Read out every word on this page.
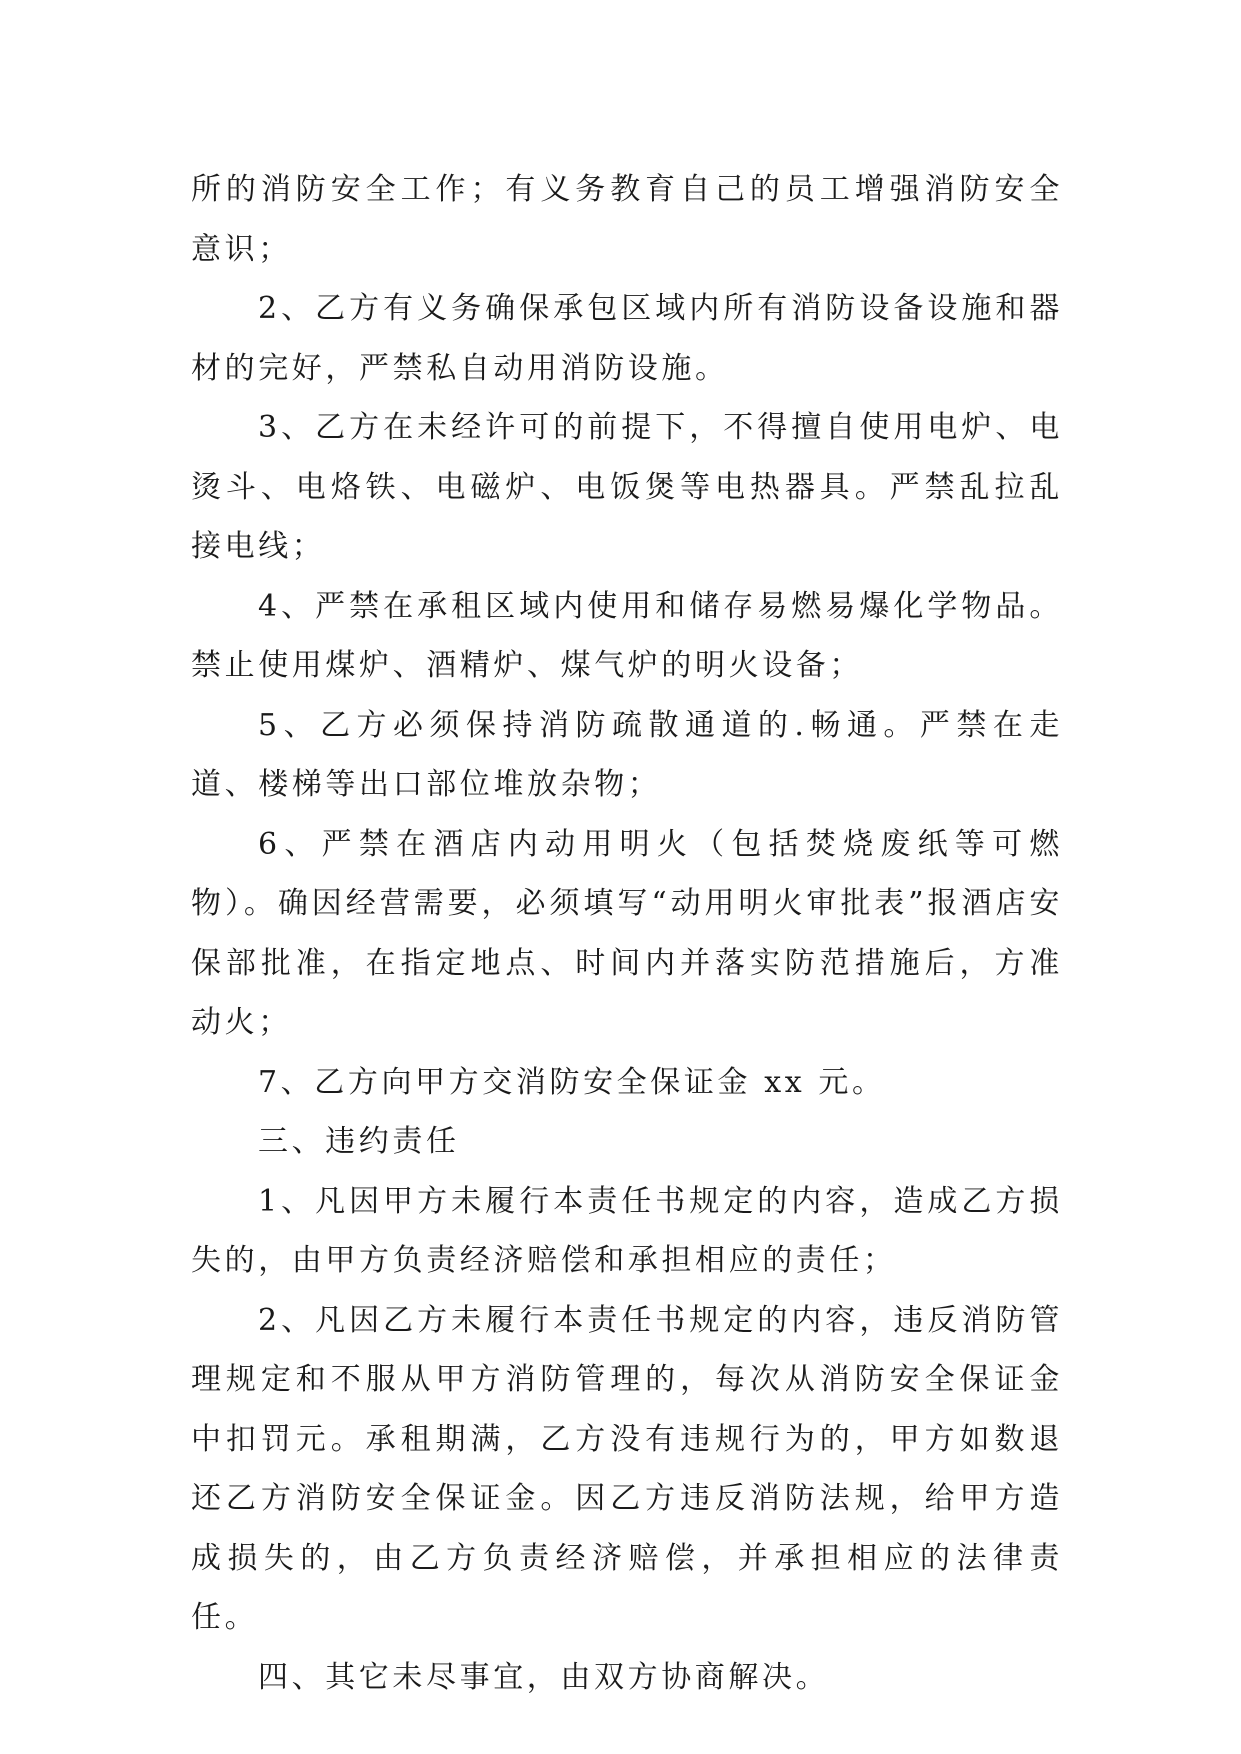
所的消防安全工作；有义务教育自己的员工增强消防安全意识；

2、乙方有义务确保承包区域内所有消防设备设施和器材的完好，严禁私自动用消防设施。

3、乙方在未经许可的前提下，不得擅自使用电炉、电烫斗、电烙铁、电磁炉、电饭煲等电热器具。严禁乱拉乱接电线；

4、严禁在承租区域内使用和储存易燃易爆化学物品。禁止使用煤炉、酒精炉、煤气炉的明火设备；

5、乙方必须保持消防疏散通道的.畅通。严禁在走道、楼梯等出口部位堆放杂物；

6、严禁在酒店内动用明火（包括焚烧废纸等可燃物）。确因经营需要，必须填写“动用明火审批表”报酒店安保部批准，在指定地点、时间内并落实防范措施后，方准动火；

7、乙方向甲方交消防安全保证金 xx 元。

三、违约责任

1、凡因甲方未履行本责任书规定的内容，造成乙方损失的，由甲方负责经济赔偿和承担相应的责任；

2、凡因乙方未履行本责任书规定的内容，违反消防管理规定和不服从甲方消防管理的，每次从消防安全保证金中扣罚元。承租期满，乙方没有违规行为的，甲方如数退还乙方消防安全保证金。因乙方违反消防法规，给甲方造成损失的，由乙方负责经济赔偿，并承担相应的法律责任。

四、其它未尽事宜，由双方协商解决。
